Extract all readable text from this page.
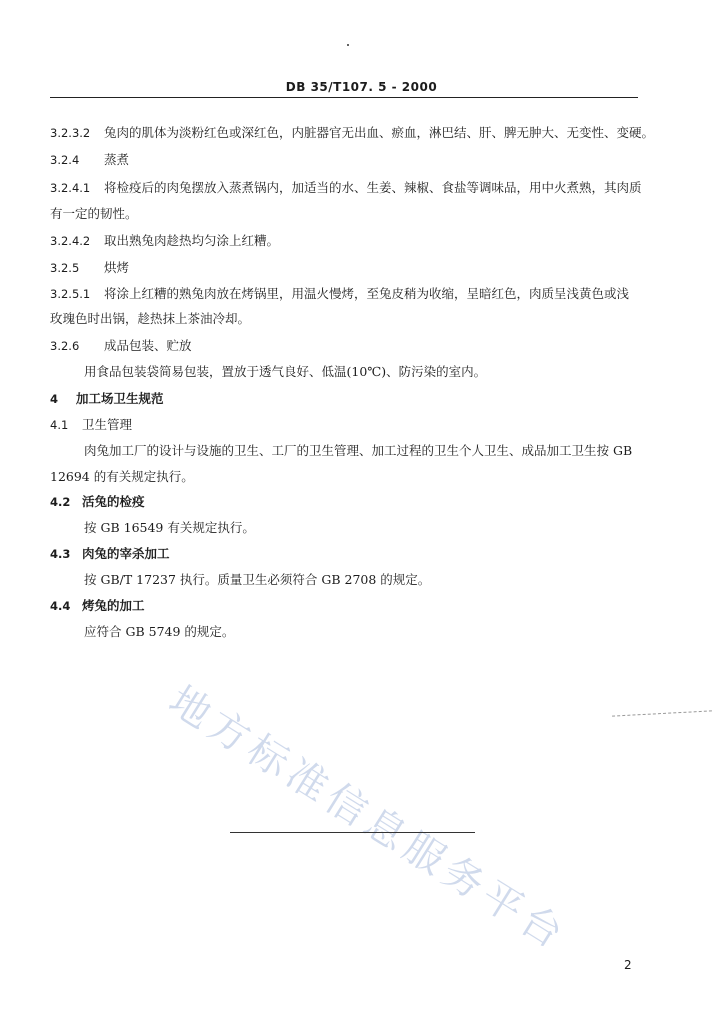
DB 35/T107. 5 - 2000
3.2.3.2 兔肉的肌体为淡粉红色或深红色，内脏器官无出血、瘀血，淋巴结、肝、脾无肿大、无变性、变硬。
3.2.4 蒸煮
3.2.4.1 将检疫后的肉兔摆放入蒸煮锅内，加适当的水、生姜、辣椒、食盐等调味品，用中火煮熟，其肉质
有一定的韧性。
3.2.4.2 取出熟兔肉趁热均匀涂上红糟。
3.2.5 烘烤
3.2.5.1 将涂上红糟的熟兔肉放在烤锅里，用温火慢烤，至兔皮稍为收缩，呈暗红色，肉质呈浅黄色或浅
玫瑰色时出锅，趁热抹上茶油冷却。
3.2.6 成品包装、贮放
用食品包装袋简易包装，置放于透气良好、低温(10℃)、防污染的室内。
4 加工场卫生规范
4.1 卫生管理
肉兔加工厂的设计与设施的卫生、工厂的卫生管理、加工过程的卫生个人卫生、成品加工卫生按 GB
12694 的有关规定执行。
4.2 活兔的检疫
按 GB 16549 有关规定执行。
4.3 肉兔的宰杀加工
按 GB/T 17237 执行。质量卫生必须符合 GB 2708 的规定。
4.4 烤兔的加工
应符合 GB 5749 的规定。
地方标准信息服务平台
2
